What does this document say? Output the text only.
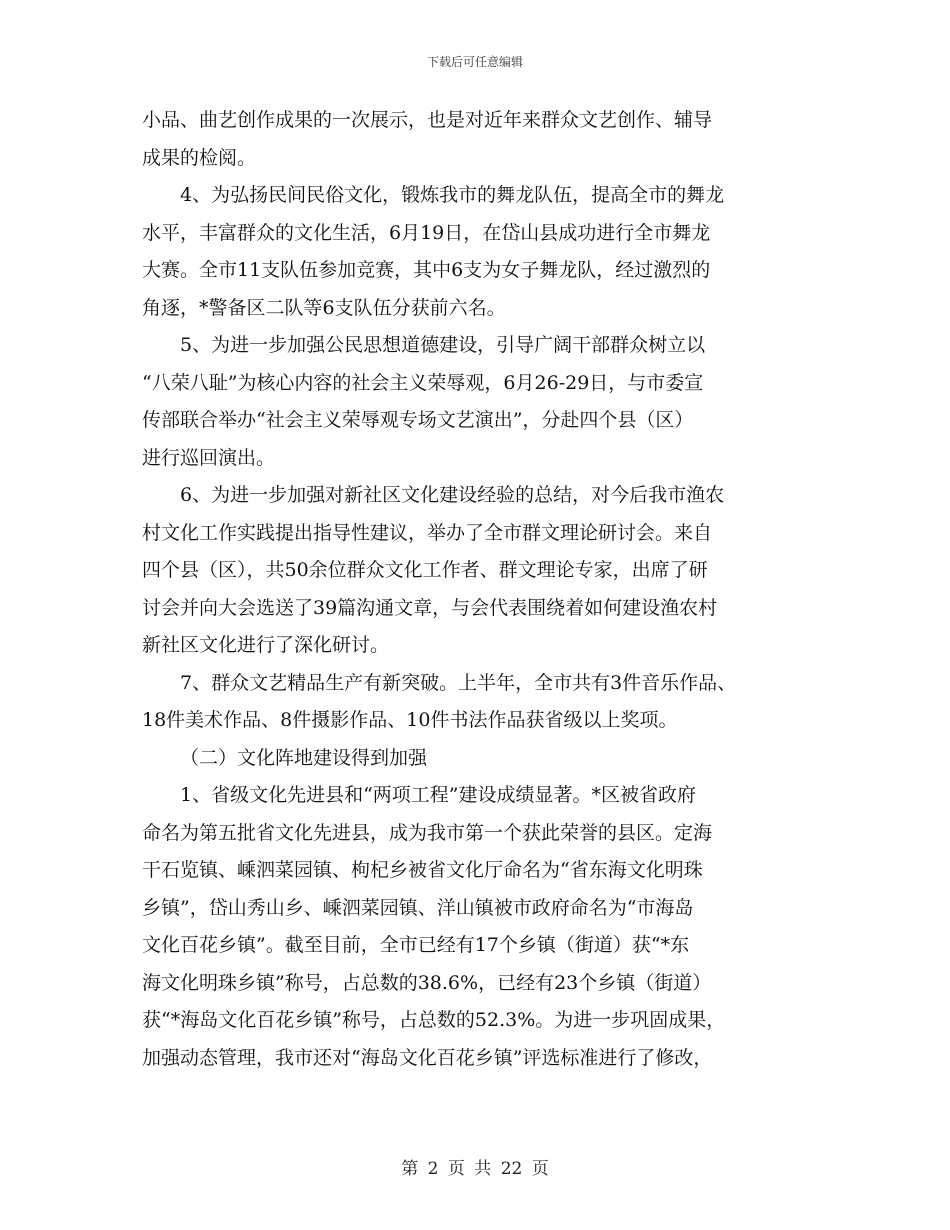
下载后可任意编辑
小品、曲艺创作成果的一次展示，也是对近年来群众文艺创作、辅导
成果的检阅。
4、为弘扬民间民俗文化，锻炼我市的舞龙队伍，提高全市的舞龙
水平，丰富群众的文化生活，6月19日，在岱山县成功进行全市舞龙
大赛。全市11支队伍参加竞赛，其中6支为女子舞龙队，经过激烈的
角逐，*警备区二队等6支队伍分获前六名。
5、为进一步加强公民思想道德建设，引导广阔干部群众树立以
“八荣八耻”为核心内容的社会主义荣辱观，6月26-29日，与市委宣
传部联合举办“社会主义荣辱观专场文艺演出”，分赴四个县（区）
进行巡回演出。
6、为进一步加强对新社区文化建设经验的总结，对今后我市渔农
村文化工作实践提出指导性建议，举办了全市群文理论研讨会。来自
四个县（区），共50余位群众文化工作者、群文理论专家，出席了研
讨会并向大会选送了39篇沟通文章，与会代表围绕着如何建设渔农村
新社区文化进行了深化研讨。
7、群众文艺精品生产有新突破。上半年，全市共有3件音乐作品、
18件美术作品、8件摄影作品、10件书法作品获省级以上奖项。
（二）文化阵地建设得到加强
1、省级文化先进县和“两项工程”建设成绩显著。*区被省政府
命名为第五批省文化先进县，成为我市第一个获此荣誉的县区。定海
干石览镇、嵊泗菜园镇、枸杞乡被省文化厅命名为“省东海文化明珠
乡镇”，岱山秀山乡、嵊泗菜园镇、洋山镇被市政府命名为“市海岛
文化百花乡镇”。截至目前，全市已经有17个乡镇（街道）获“*东
海文化明珠乡镇”称号，占总数的38.6%，已经有23个乡镇（街道）
获“*海岛文化百花乡镇”称号，占总数的52.3%。为进一步巩固成果，
加强动态管理，我市还对“海岛文化百花乡镇”评选标准进行了修改，
第 2 页 共 22 页
